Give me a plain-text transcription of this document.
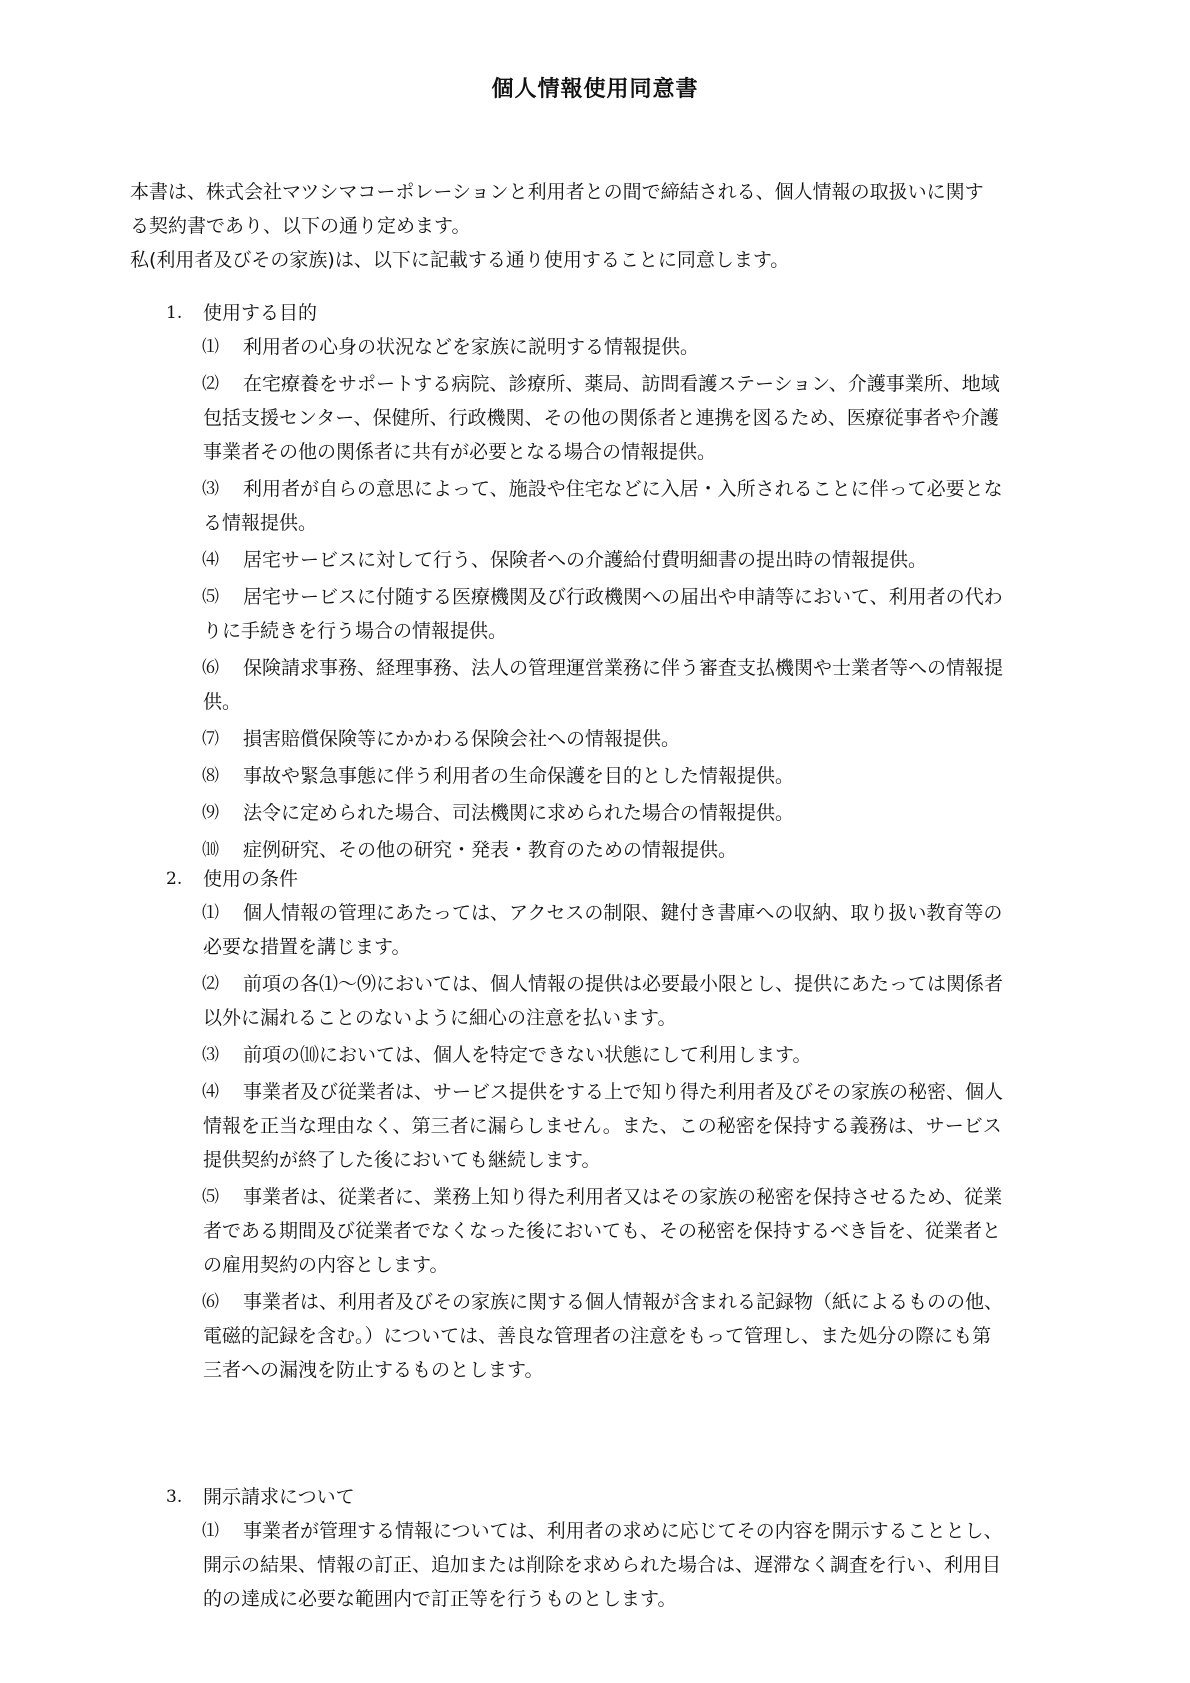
個人情報使用同意書

本書は、株式会社マツシマコーポレーションと利用者との間で締結される、個人情報の取扱いに関す

る契約書であり、以下の通り定めます。

私(利用者及びその家族)は、以下に記載する通り使用することに同意します。

1. 使用する目的
⑴	利用者の心身の状況などを家族に説明する情報提供。
⑵	在宅療養をサポートする病院、診療所、薬局、訪問看護ステーション、介護事業所、地域
包括支援センター、保健所、行政機関、その他の関係者と連携を図るため、医療従事者や介護
事業者その他の関係者に共有が必要となる場合の情報提供。
⑶	利用者が自らの意思によって、施設や住宅などに入居・入所されることに伴って必要とな
る情報提供。
⑷	居宅サービスに対して行う、保険者への介護給付費明細書の提出時の情報提供。
⑸	居宅サービスに付随する医療機関及び行政機関への届出や申請等において、利用者の代わ
りに手続きを行う場合の情報提供。
⑹	保険請求事務、経理事務、法人の管理運営業務に伴う審査支払機関や士業者等への情報提
供。
⑺	損害賠償保険等にかかわる保険会社への情報提供。
⑻	事故や緊急事態に伴う利用者の生命保護を目的とした情報提供。
⑼	法令に定められた場合、司法機関に求められた場合の情報提供。
⑽	症例研究、その他の研究・発表・教育のための情報提供。
2. 使用の条件
⑴	個人情報の管理にあたっては、アクセスの制限、鍵付き書庫への収納、取り扱い教育等の
必要な措置を講じます。
⑵	前項の各⑴～⑼においては、個人情報の提供は必要最小限とし、提供にあたっては関係者
以外に漏れることのないように細心の注意を払います。
⑶	前項の⑽においては、個人を特定できない状態にして利用します。
⑷	事業者及び従業者は、サービス提供をする上で知り得た利用者及びその家族の秘密、個人
情報を正当な理由なく、第三者に漏らしません。また、この秘密を保持する義務は、サービス
提供契約が終了した後においても継続します。
⑸	事業者は、従業者に、業務上知り得た利用者又はその家族の秘密を保持させるため、従業
者である期間及び従業者でなくなった後においても、その秘密を保持するべき旨を、従業者と
の雇用契約の内容とします。
⑹	事業者は、利用者及びその家族に関する個人情報が含まれる記録物（紙によるものの他、
電磁的記録を含む。）については、善良な管理者の注意をもって管理し、また処分の際にも第
三者への漏洩を防止するものとします。
3. 開示請求について
⑴	事業者が管理する情報については、利用者の求めに応じてその内容を開示することとし、
開示の結果、情報の訂正、追加または削除を求められた場合は、遅滞なく調査を行い、利用目
的の達成に必要な範囲内で訂正等を行うものとします。
